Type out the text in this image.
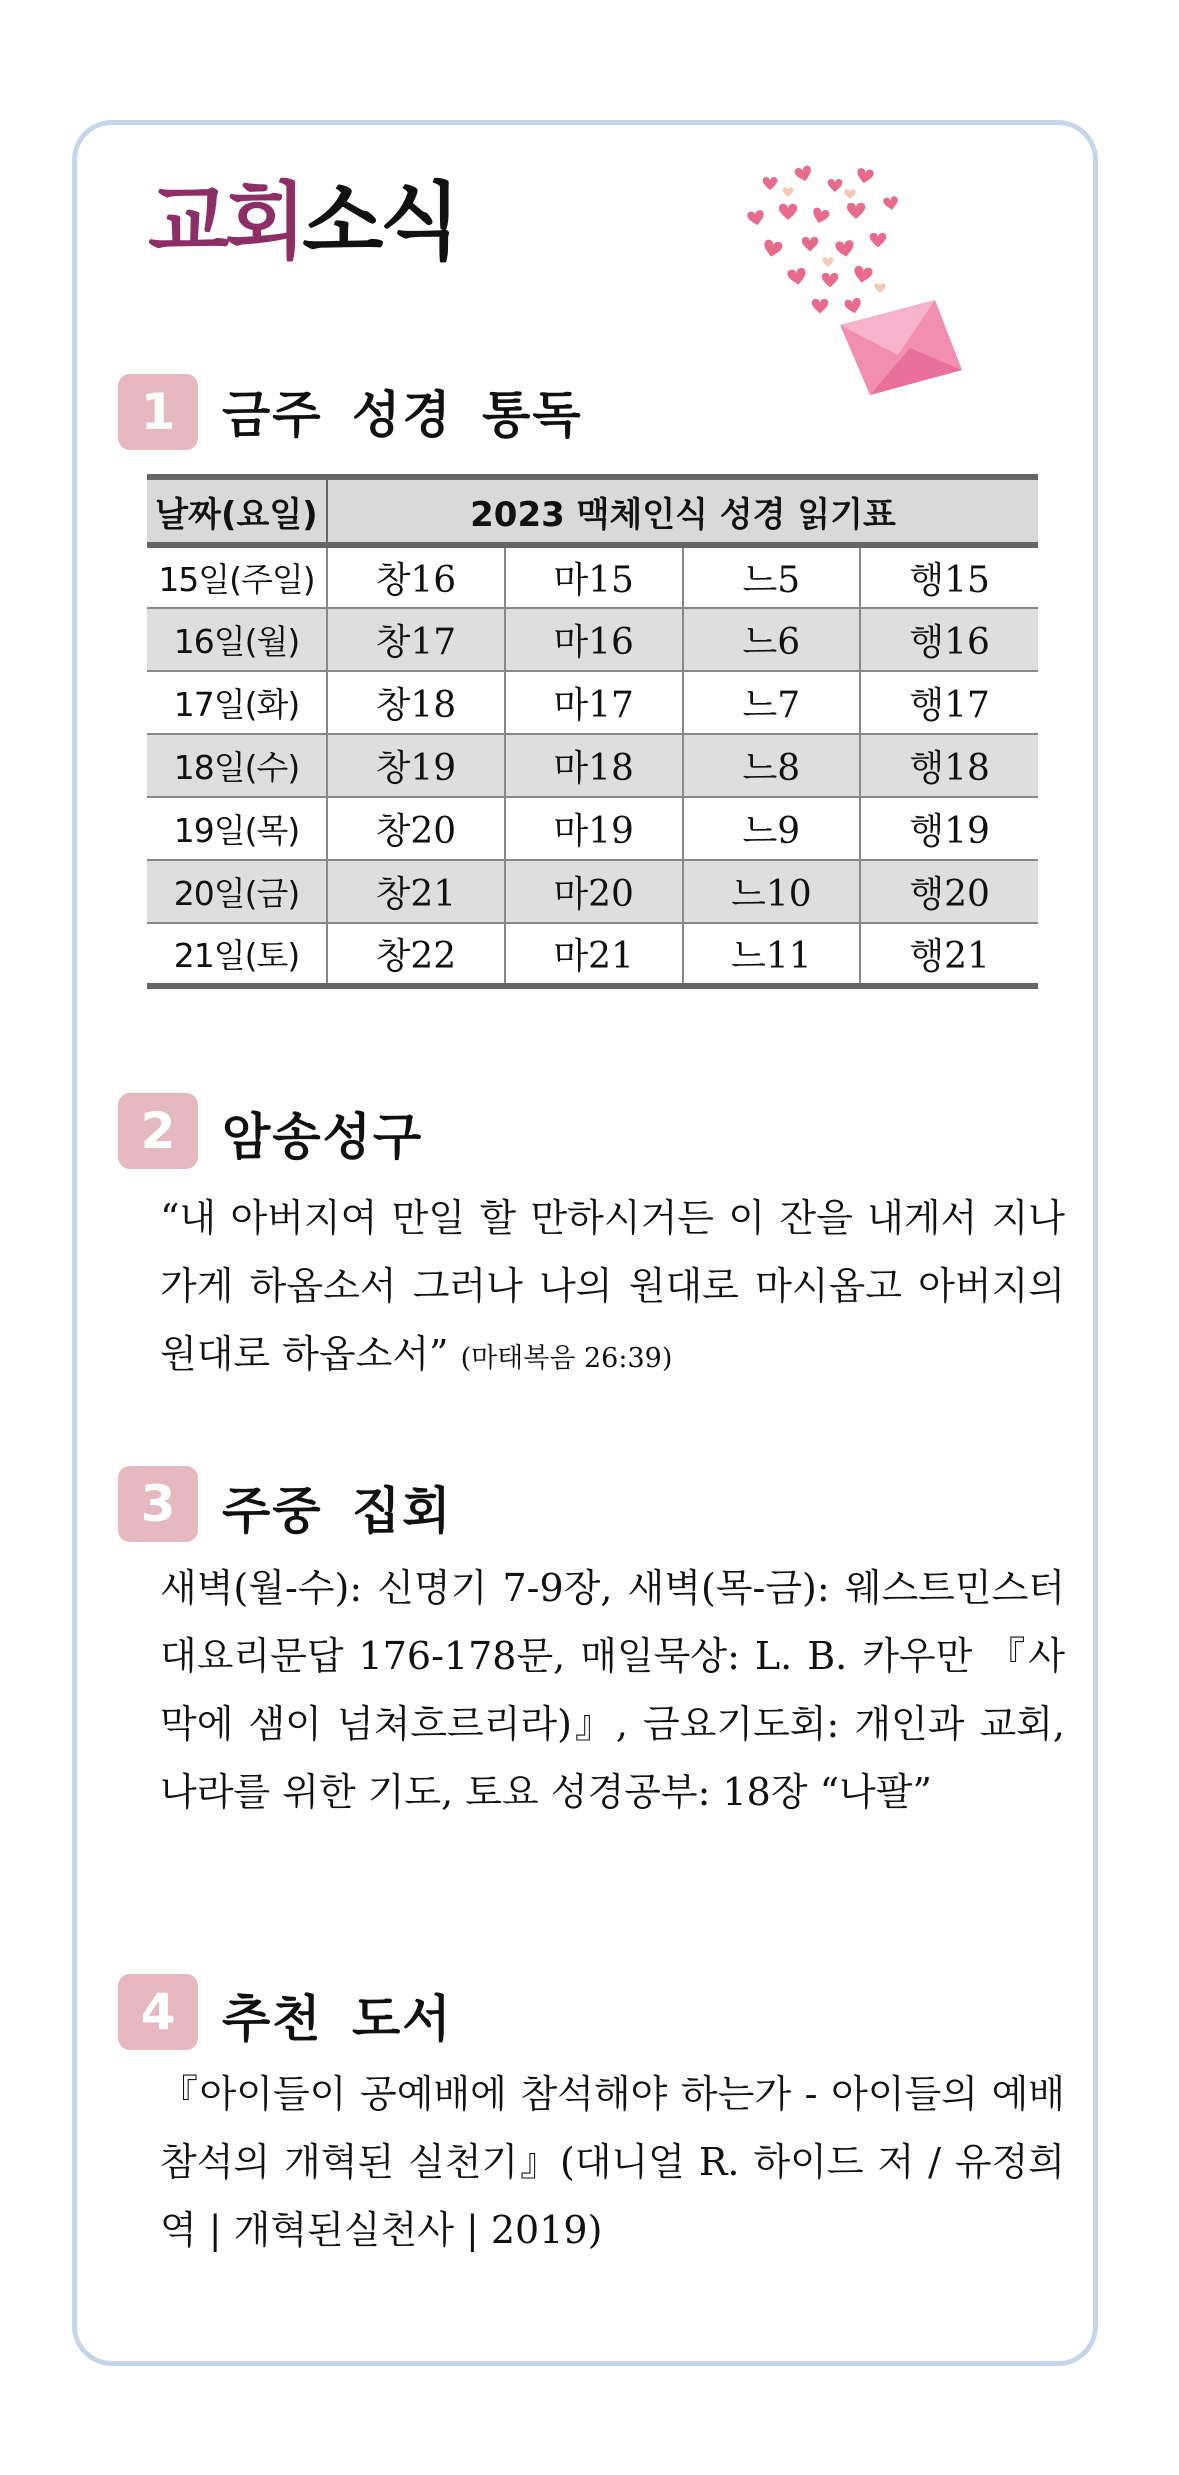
교회소식
1 금주 성경 통독
날짜(요일)	2023 맥체인식 성경 읽기표			
15일(주일)	창16	마15	느5	행15
16일(월)	창17	마16	느6	행16
17일(화)	창18	마17	느7	행17
18일(수)	창19	마18	느8	행18
19일(목)	창20	마19	느9	행19
20일(금)	창21	마20	느10	행20
21일(토)	창22	마21	느11	행21
2 암송성구

“내 아버지여 만일 할 만하시거든 이 잔을 내게서 지나가게 하옵소서 그러나 나의 원대로 마시옵고 아버지의 원대로 하옵소서” (마태복음 26:39)

3 주중 집회

새벽(월-수): 신명기 7-9장, 새벽(목-금): 웨스트민스터 대요리문답 176-178문, 매일묵상: L. B. 카우만 『사막에 샘이 넘쳐흐르리라)』, 금요기도회: 개인과 교회, 나라를 위한 기도, 토요 성경공부: 18장 “나팔”

4 추천 도서

『아이들이 공예배에 참석해야 하는가 - 아이들의 예배 참석의 개혁된 실천기』(대니얼 R. 하이드 저 / 유정희 역 | 개혁된실천사 | 2019)
